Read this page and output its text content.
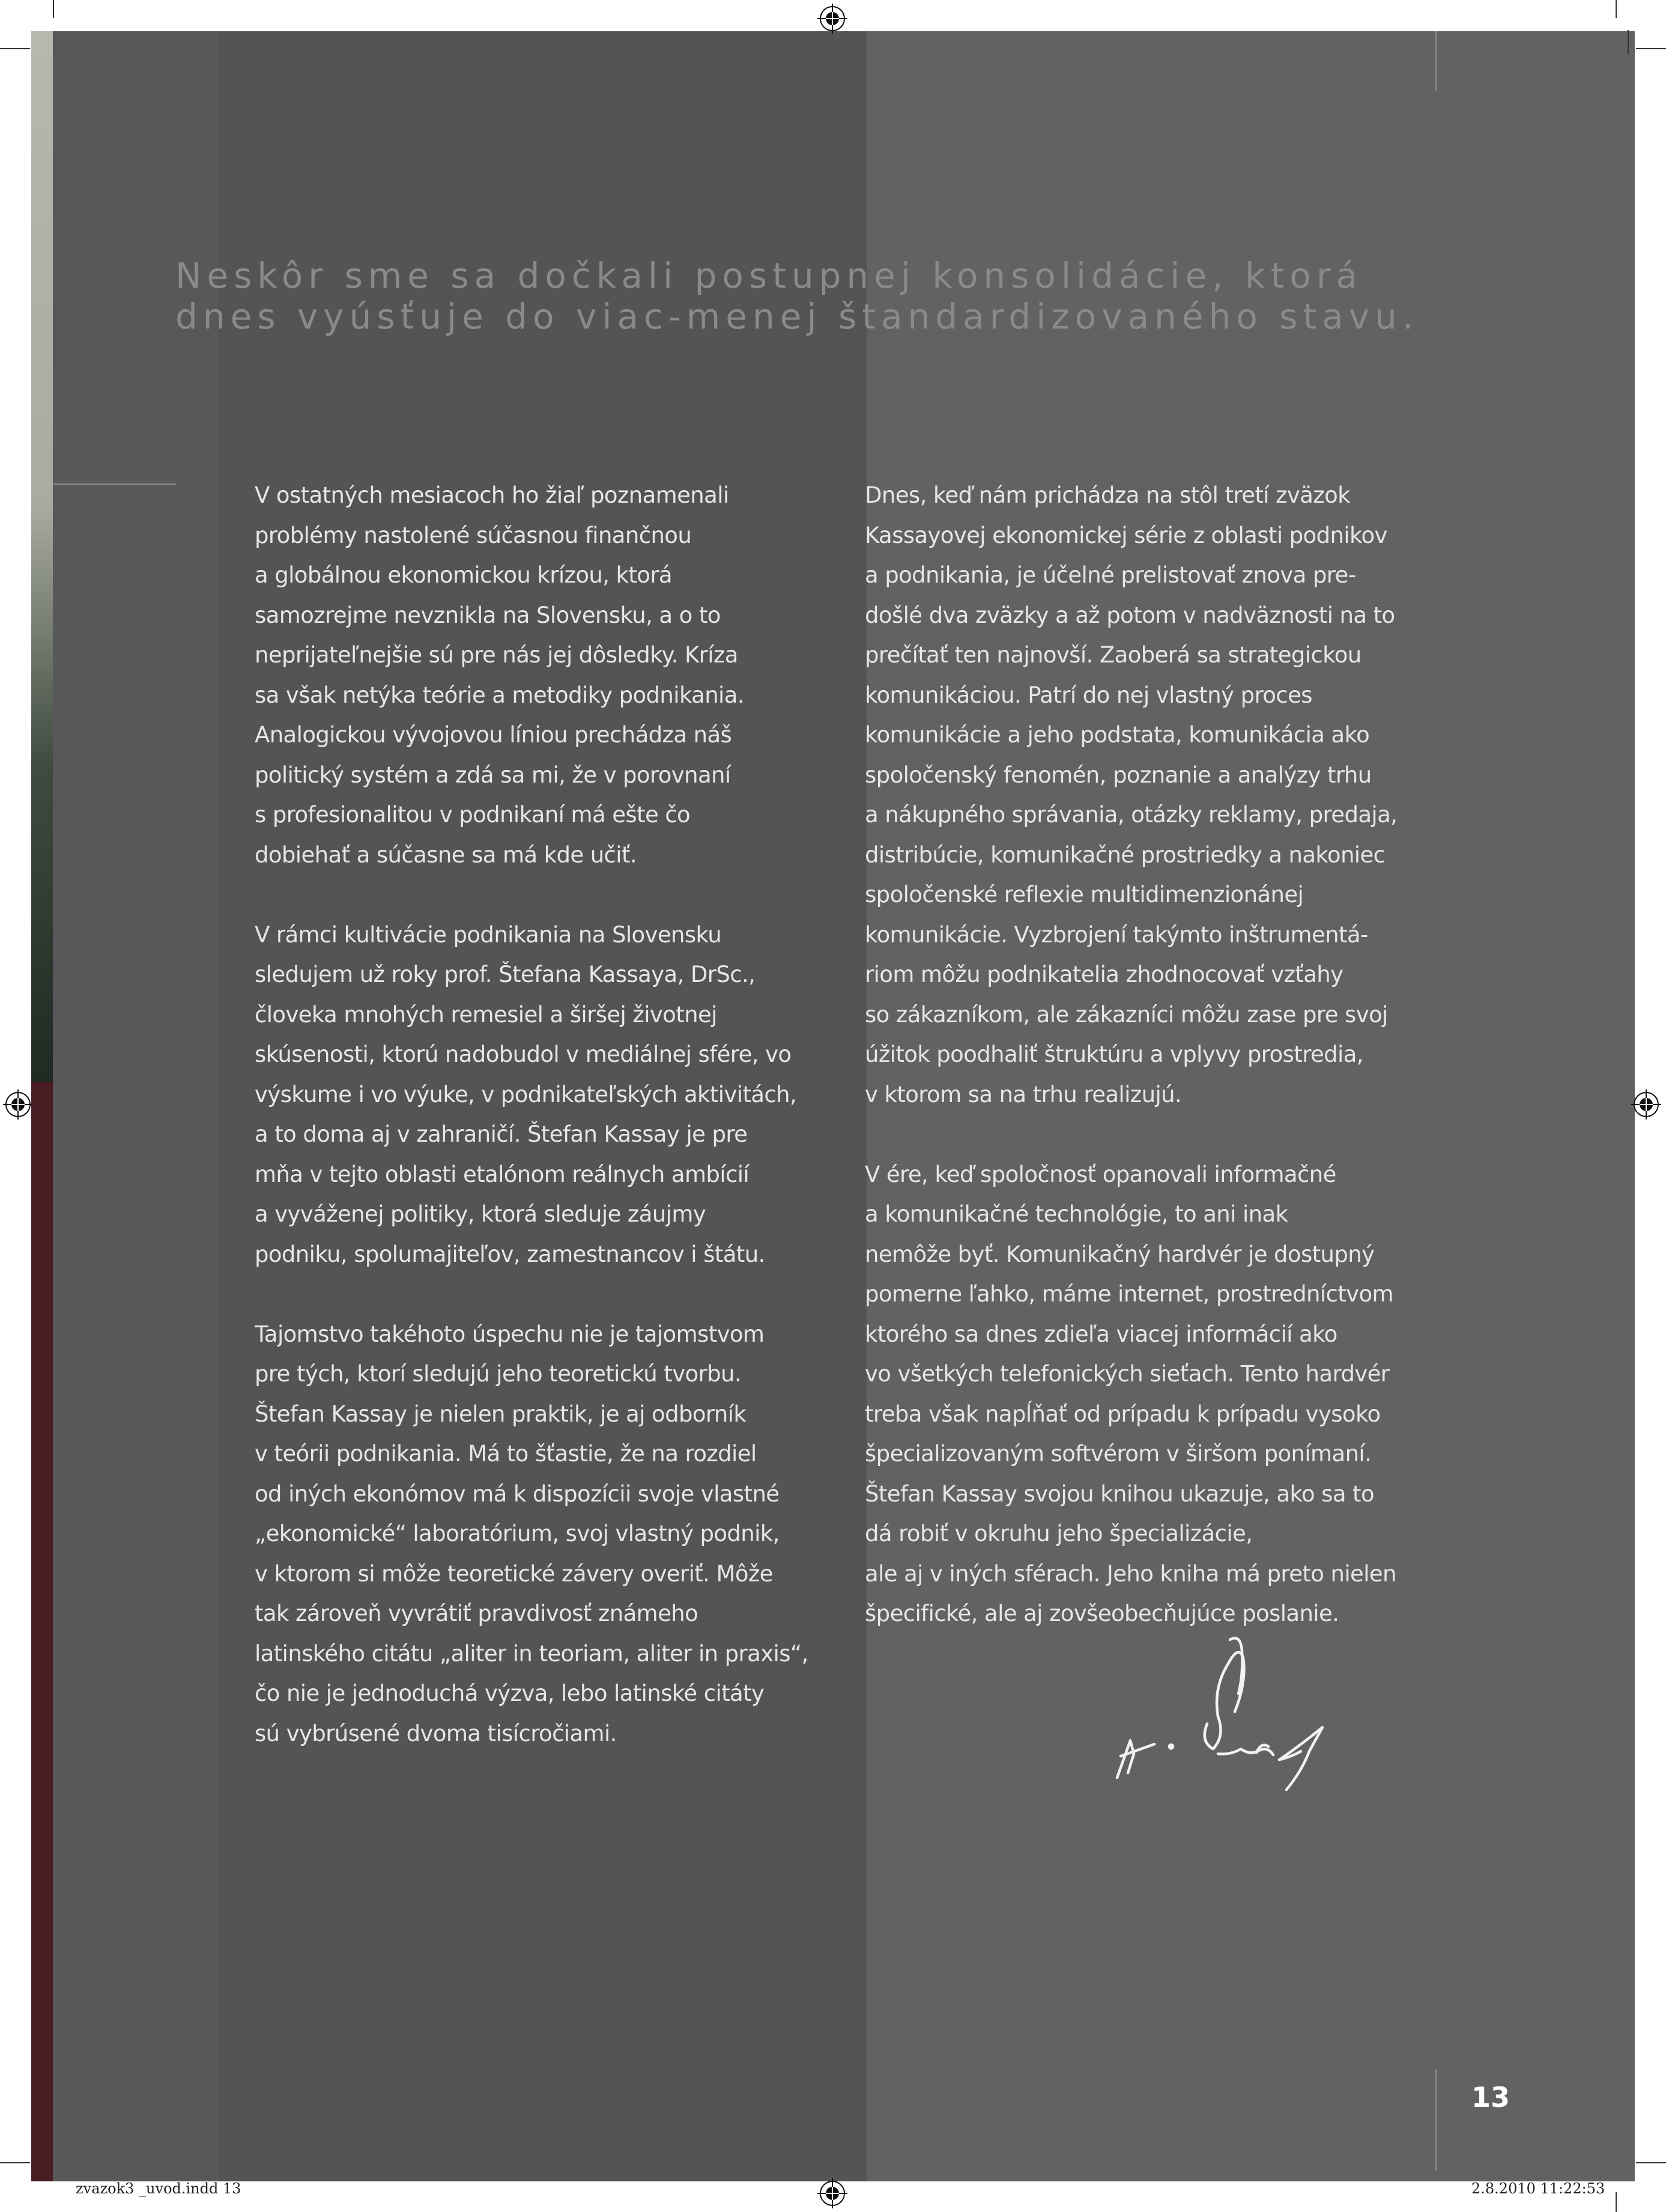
Neskôr sme sa dočkali postupnej konsolidácie, ktorá
dnes vyúsťuje do viac-menej štandardizovaného stavu.

V ostatných mesiacoch ho žiaľ poznamenali
problémy nastolené súčasnou finančnou
a globálnou ekonomickou krízou, ktorá
samozrejme nevznikla na Slovensku, a o to
neprijateľnejšie sú pre nás jej dôsledky. Kríza
sa však netýka teórie a metodiky podnikania.
Analogickou vývojovou líniou prechádza náš
politický systém a zdá sa mi, že v porovnaní
s profesionalitou v podnikaní má ešte čo
dobiehať a súčasne sa má kde učiť.

V rámci kultivácie podnikania na Slovensku
sledujem už roky prof. Štefana Kassaya, DrSc.,
človeka mnohých remesiel a širšej životnej
skúsenosti, ktorú nadobudol v mediálnej sfére, vo
výskume i vo výuke, v podnikateľských aktivitách,
a to doma aj v zahraničí. Štefan Kassay je pre
mňa v tejto oblasti etalónom reálnych ambícií
a vyváženej politiky, ktorá sleduje záujmy
podniku, spolumajiteľov, zamestnancov i štátu.

Tajomstvo takéhoto úspechu nie je tajomstvom
pre tých, ktorí sledujú jeho teoretickú tvorbu.
Štefan Kassay je nielen praktik, je aj odborník
v teórii podnikania. Má to šťastie, že na rozdiel
od iných ekonómov má k dispozícii svoje vlastné
„ekonomické“ laboratórium, svoj vlastný podnik,
v ktorom si môže teoretické závery overiť. Môže
tak zároveň vyvrátiť pravdivosť známeho
latinského citátu „aliter in teoriam, aliter in praxis“,
čo nie je jednoduchá výzva, lebo latinské citáty
sú vybrúsené dvoma tisícročiami.

Dnes, keď nám prichádza na stôl tretí zväzok
Kassayovej ekonomickej série z oblasti podnikov
a podnikania, je účelné prelistovať znova pre-
došlé dva zväzky a až potom v nadväznosti na to
prečítať ten najnovší. Zaoberá sa strategickou
komunikáciou. Patrí do nej vlastný proces
komunikácie a jeho podstata, komunikácia ako
spoločenský fenomén, poznanie a analýzy trhu
a nákupného správania, otázky reklamy, predaja,
distribúcie, komunikačné prostriedky a nakoniec
spoločenské reflexie multidimenzionánej
komunikácie. Vyzbrojení takýmto inštrumentá-
riom môžu podnikatelia zhodnocovať vzťahy
so zákazníkom, ale zákazníci môžu zase pre svoj
úžitok poodhaliť štruktúru a vplyvy prostredia,
v ktorom sa na trhu realizujú.

V ére, keď spoločnosť opanovali informačné
a komunikačné technológie, to ani inak
nemôže byť. Komunikačný hardvér je dostupný
pomerne ľahko, máme internet, prostredníctvom
ktorého sa dnes zdieľa viacej informácií ako
vo všetkých telefonických sieťach. Tento hardvér
treba však napĺňať od prípadu k prípadu vysoko
špecializovaným softvérom v širšom ponímaní.
Štefan Kassay svojou knihou ukazuje, ako sa to
dá robiť v okruhu jeho špecializácie,
ale aj v iných sférach. Jeho kniha má preto nielen
špecifické, ale aj zovšeobecňujúce poslanie.

13
zvazok3 _uvod.indd 13	2.8.2010 11:22:53
